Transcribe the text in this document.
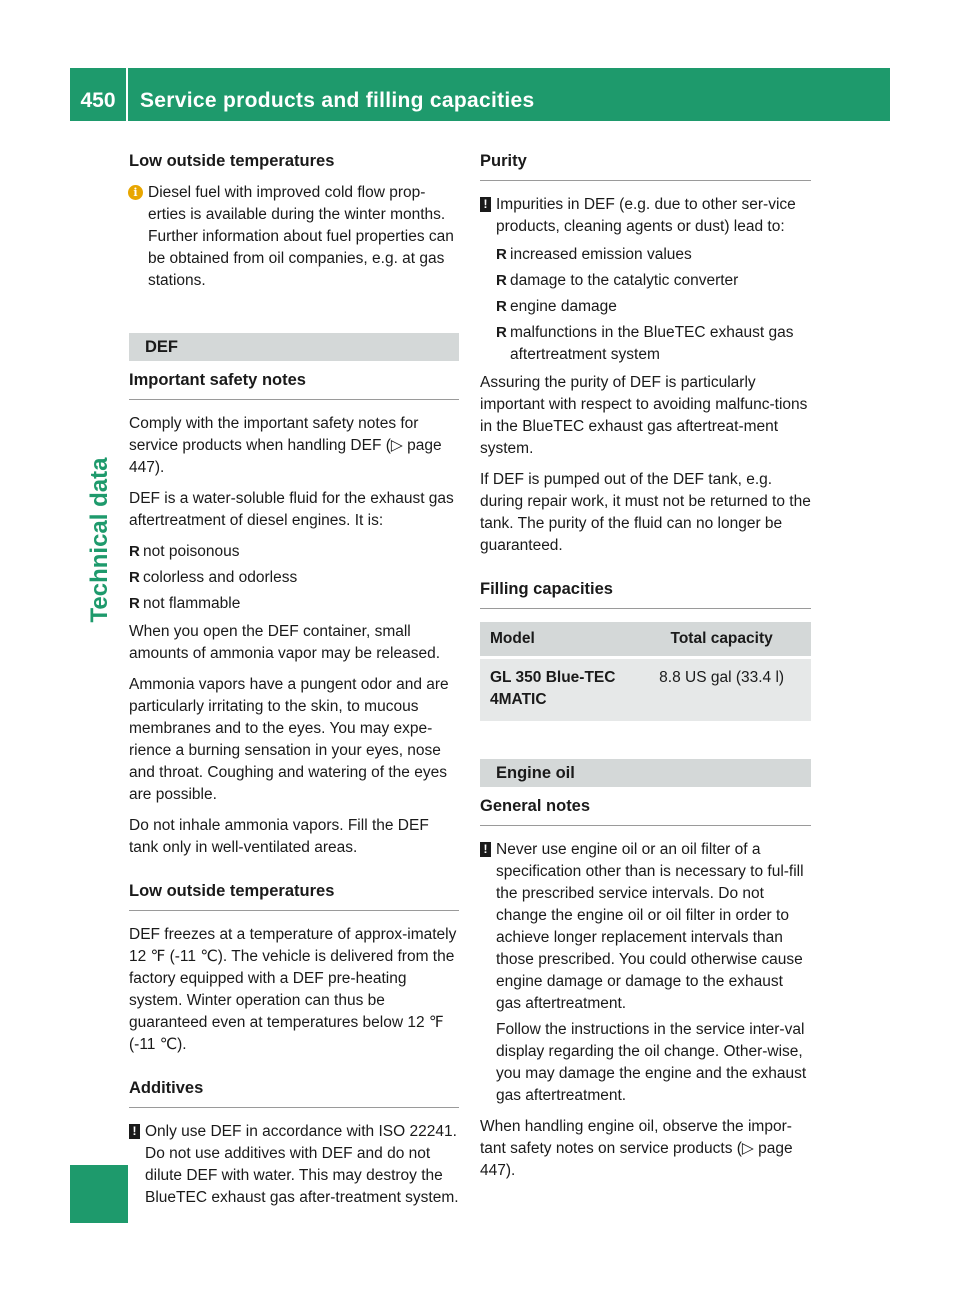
450	Service products and filling capacities
Technical data
Low outside temperatures

i Diesel fuel with improved cold flow prop-erties is available during the winter months. Further information about fuel properties can be obtained from oil companies, e.g. at gas stations.

DEF
Important safety notes

Comply with the important safety notes for service products when handling DEF (▷ page 447).

DEF is a water-soluble fluid for the exhaust gas aftertreatment of diesel engines. It is:

R not poisonous
R colorless and odorless
R not flammable

When you open the DEF container, small amounts of ammonia vapor may be released.

Ammonia vapors have a pungent odor and are particularly irritating to the skin, to mucous membranes and to the eyes. You may expe-rience a burning sensation in your eyes, nose and throat. Coughing and watering of the eyes are possible.

Do not inhale ammonia vapors. Fill the DEF tank only in well-ventilated areas.

Low outside temperatures

DEF freezes at a temperature of approx-imately 12 ℉ (-11 ℃). The vehicle is delivered from the factory equipped with a DEF pre-heating system. Winter operation can thus be guaranteed even at temperatures below 12 ℉ (-11 ℃).

Additives

! Only use DEF in accordance with ISO 22241. Do not use additives with DEF and do not dilute DEF with water. This may destroy the BlueTEC exhaust gas after-treatment system.

Purity

! Impurities in DEF (e.g. due to other ser-vice products, cleaning agents or dust) lead to:

R increased emission values
R damage to the catalytic converter
R engine damage
R malfunctions in the BlueTEC exhaust gas aftertreatment system

Assuring the purity of DEF is particularly important with respect to avoiding malfunc-tions in the BlueTEC exhaust gas aftertreat-ment system.

If DEF is pumped out of the DEF tank, e.g. during repair work, it must not be returned to the tank. The purity of the fluid can no longer be guaranteed.

Filling capacities
Model	Total capacity
GL 350 Blue-TEC 4MATIC	8.8 US gal (33.4 l)
Engine oil
General notes

! Never use engine oil or an oil filter of a specification other than is necessary to ful-fill the prescribed service intervals. Do not change the engine oil or oil filter in order to achieve longer replacement intervals than those prescribed. You could otherwise cause engine damage or damage to the exhaust gas aftertreatment.

Follow the instructions in the service inter-val display regarding the oil change. Other-wise, you may damage the engine and the exhaust gas aftertreatment.

When handling engine oil, observe the impor-tant safety notes on service products (▷ page 447).
